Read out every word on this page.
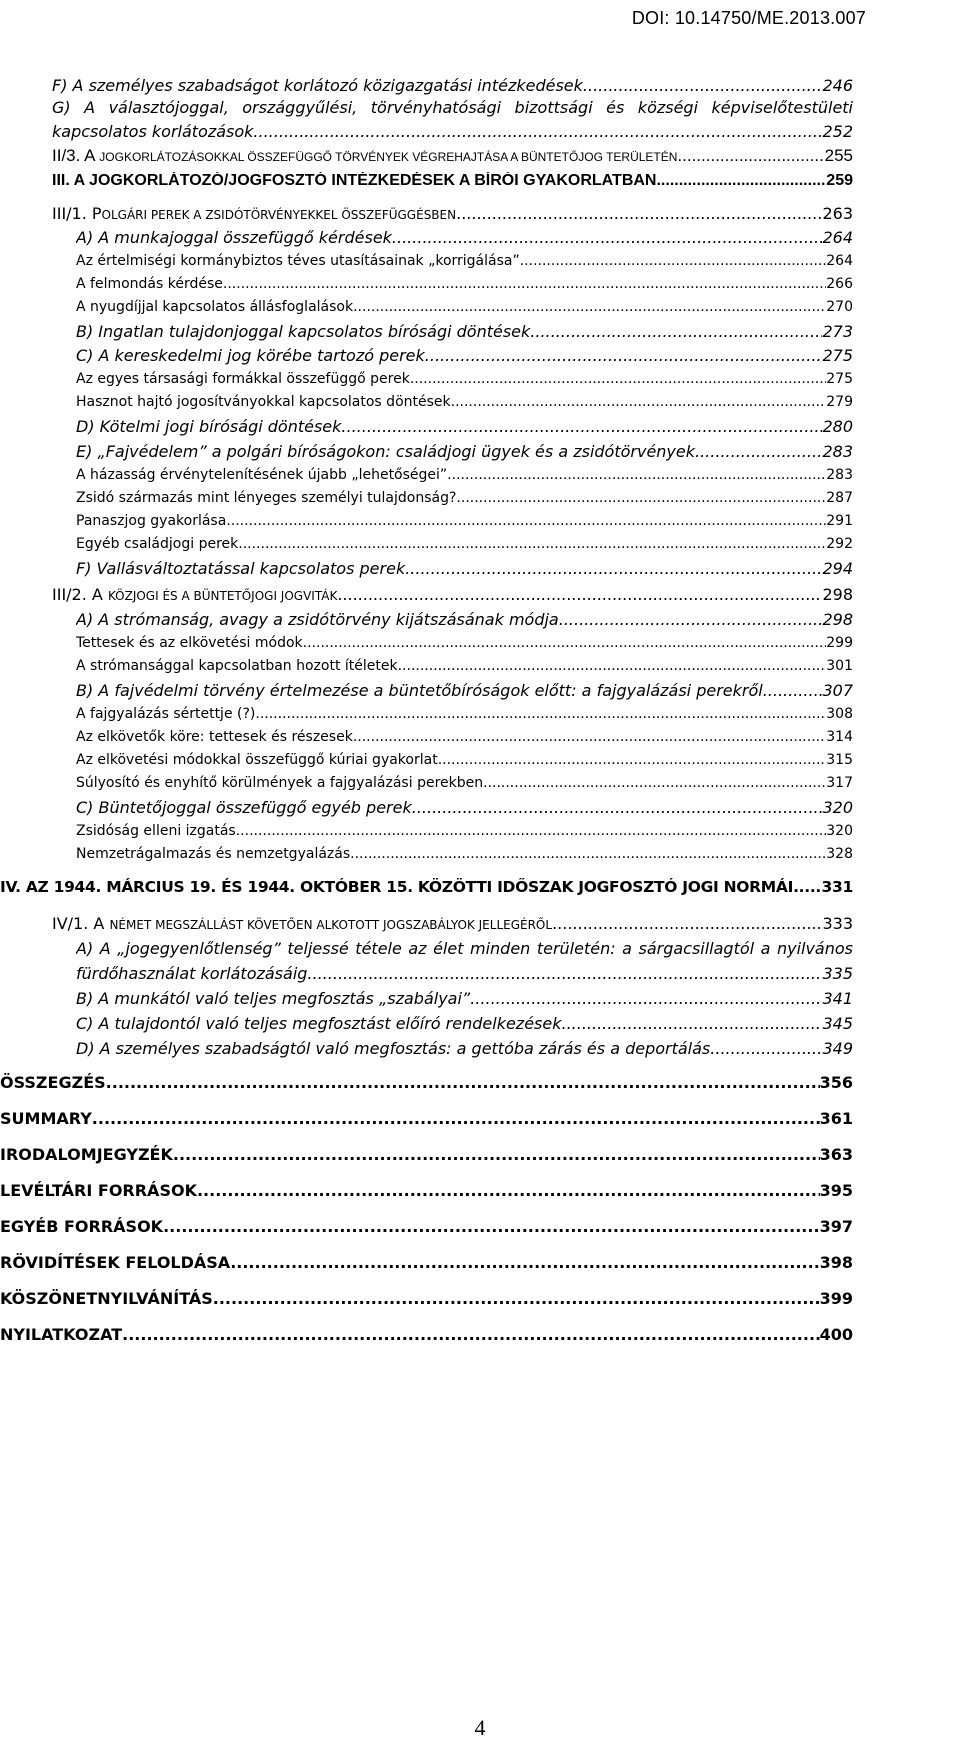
DOI: 10.14750/ME.2013.007
F) A személyes szabadságot korlátozó közigazgatási intézkedések .....	246
G) A választójoggal, országgyűlési, törvényhatósági bizottsági és községi képviselőtestületi
kapcsolatos korlátozások .....	252
II/3. A JOGKORLÁTOZÁSOKKAL ÖSSZEFÜGGŐ TÖRVÉNYEK VÉGREHAJTÁSA A BÜNTETŐJOG TERÜLETÉN .....	255
III. A JOGKORLÁTOZÓ/JOGFOSZTÓ INTÉZKEDÉSEK A BÍRÓI GYAKORLATBAN .....	259
III/1. POLGÁRI PEREK A ZSIDÓTÖRVÉNYEKKEL ÖSSZEFÜGGÉSBEN .....	263
A) A munkajoggal összefüggő kérdések .....	264
Az értelmiségi kormánybiztos téves utasításainak „korrigálása” .....	264
A felmondás kérdése .....	266
A nyugdíjjal kapcsolatos állásfoglalások .....	270
B) Ingatlan tulajdonjoggal kapcsolatos bírósági döntések .....	273
C) A kereskedelmi jog körébe tartozó perek .....	275
Az egyes társasági formákkal összefüggő perek .....	275
Hasznot hajtó jogosítványokkal kapcsolatos döntések .....	279
D) Kötelmi jogi bírósági döntések .....	280
E) „Fajvédelem” a polgári bíróságokon: családjogi ügyek és a zsidótörvények .....	283
A házasság érvénytelenítésének újabb „lehetőségei” .....	283
Zsidó származás mint lényeges személyi tulajdonság? .....	287
Panaszjog gyakorlása .....	291
Egyéb családjogi perek .....	292
F) Vallásváltoztatással kapcsolatos perek .....	294
III/2. A KÖZJOGI ÉS A BÜNTETŐJOGI JOGVITÁK .....	298
A) A strómanság, avagy a zsidótörvény kijátszásának módja .....	298
Tettesek és az elkövetési módok .....	299
A strómansággal kapcsolatban hozott ítéletek .....	301
B) A fajvédelmi törvény értelmezése a büntetőbíróságok előtt: a fajgyalázási perekről .....	307
A fajgyalázás sértettje (?) .....	308
Az elkövetők köre: tettesek és részesek .....	314
Az elkövetési módokkal összefüggő kúriai gyakorlat .....	315
Súlyosító és enyhítő körülmények a fajgyalázási perekben .....	317
C) Büntetőjoggal összefüggő egyéb perek .....	320
Zsidóság elleni izgatás .....	320
Nemzetrágalmazás és nemzetgyalázás .....	328
IV. AZ 1944. MÁRCIUS 19. ÉS 1944. OKTÓBER 15. KÖZÖTTI IDŐSZAK JOGFOSZTÓ JOGI NORMÁI. ..... 331
IV/1. A NÉMET MEGSZÁLLÁST KÖVETŐEN ALKOTOTT JOGSZABÁLYOK JELLEGÉRŐL .....	333
A) A „jogegyenlőtlenség” teljessé tétele az élet minden területén: a sárgacsillagtól a nyilvános
fürdőhasználat korlátozásáig .....	335
B) A munkától való teljes megfosztás „szabályai” .....	341
C) A tulajdontól való teljes megfosztást előíró rendelkezések .....	345
D) A személyes szabadságtól való megfosztás: a gettóba zárás és a deportálás .....	349
ÖSSZEGZÉS .....	356
SUMMARY .....	361
IRODALOMJEGYZÉK .....	363
LEVÉLTÁRI FORRÁSOK .....	395
EGYÉB FORRÁSOK .....	397
RÖVIDÍTÉSEK FELOLDÁSA .....	398
KÖSZÖNETNYILVÁNÍTÁS .....	399
NYILATKOZAT .....	400
4
